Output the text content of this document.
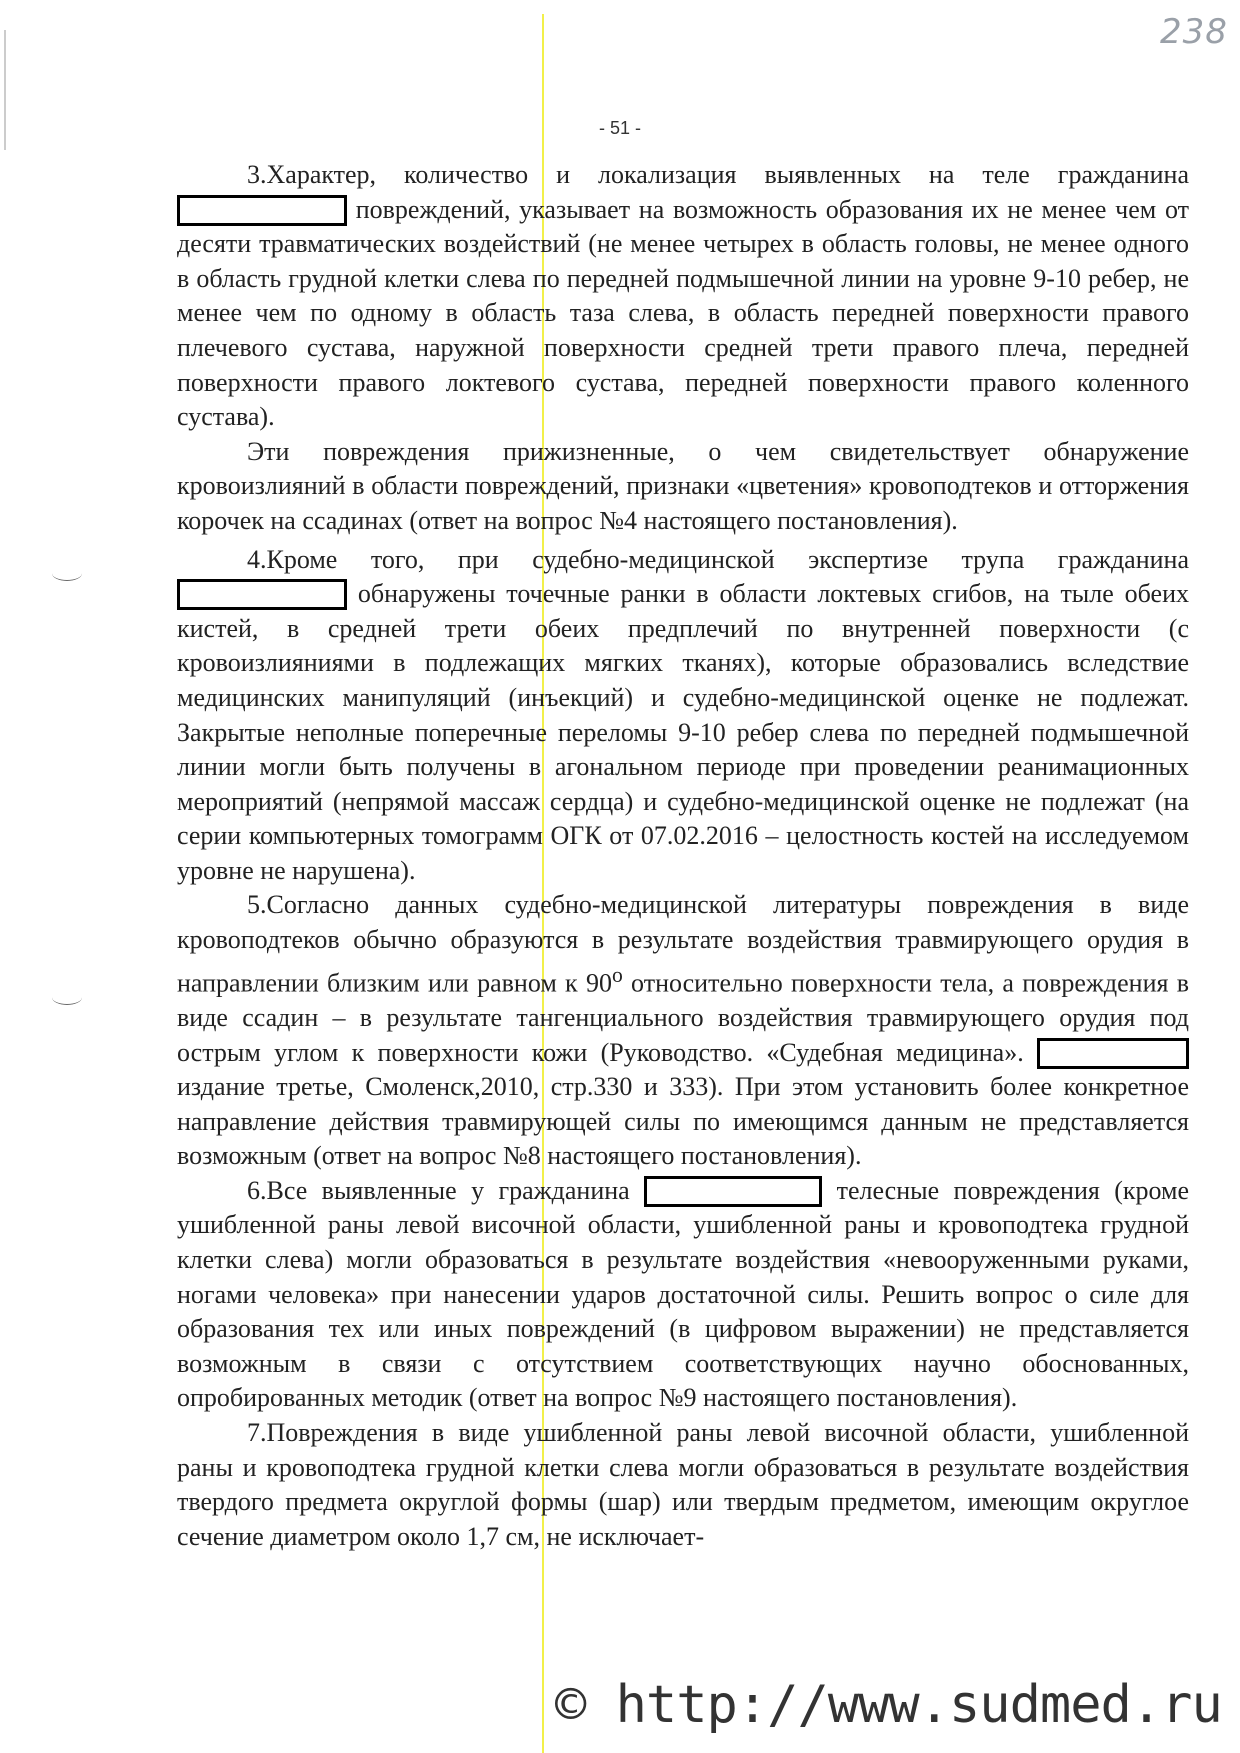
238
- 51 -

3.Характер, количество и локализация выявленных на теле гражданина  повреждений, указывает на возможность образования их не менее чем от десяти травматических воздействий (не менее четырех в область головы, не менее одного в область грудной клетки слева по передней подмышечной линии на уровне 9-10 ребер, не менее чем по одному в область таза слева, в область передней поверхности правого плечевого сустава, наружной поверхности средней трети правого плеча, передней поверхности правого локтевого сустава, передней поверхности правого коленного сустава).

Эти повреждения прижизненные, о чем свидетельствует обнаружение кровоизлияний в области повреждений, признаки «цветения» кровоподтеков и отторжения корочек на ссадинах (ответ на вопрос №4 настоящего постановления).

4.Кроме того, при судебно-медицинской экспертизе трупа гражданина  обнаружены точечные ранки в области локтевых сгибов, на тыле обеих кистей, в средней трети обеих предплечий по внутренней поверхности (с кровоизлияниями в подлежащих мягких тканях), которые образовались вследствие медицинских манипуляций (инъекций) и судебно-медицинской оценке не подлежат. Закрытые неполные поперечные переломы 9-10 ребер слева по передней подмышечной линии могли быть получены в агональном периоде при проведении реанимационных мероприятий (непрямой массаж сердца) и судебно-медицинской оценке не подлежат (на серии компьютерных томограмм ОГК от 07.02.2016 – целостность костей на исследуемом уровне не нарушена).

5.Согласно данных судебно-медицинской литературы повреждения в виде кровоподтеков обычно образуются в результате воздействия травмирующего орудия в направлении близким или равном к $90^о$ относительно поверхности тела, а повреждения в виде ссадин – в результате тангенциального воздействия травмирующего орудия под острым углом к поверхности кожи (Руководство. «Судебная медицина».  издание третье, Смоленск,2010, стр.330 и 333). При этом установить более конкретное направление действия травмирующей силы по имеющимся данным не представляется возможным (ответ на вопрос №8 настоящего постановления).

6.Все выявленные у гражданина	телесные повреждения (кроме ушибленной раны левой височной области, ушибленной раны и кровоподтека грудной клетки слева) могли образоваться в результате воздействия «невооруженными руками, ногами человека» при нанесении ударов достаточной силы. Решить вопрос о силе для образования тех или иных повреждений (в цифровом выражении) не представляется возможным в связи с отсутствием соответствующих научно обоснованных, опробированных методик (ответ на вопрос №9 настоящего постановления).

7.Повреждения в виде ушибленной раны левой височной области, ушибленной раны и кровоподтека грудной клетки слева могли образоваться в результате воздействия твердого предмета округлой формы (шар) или твердым предметом, имеющим округлое сечение диаметром около 1,7 см, не исключает-

© http://www.sudmed.ru
